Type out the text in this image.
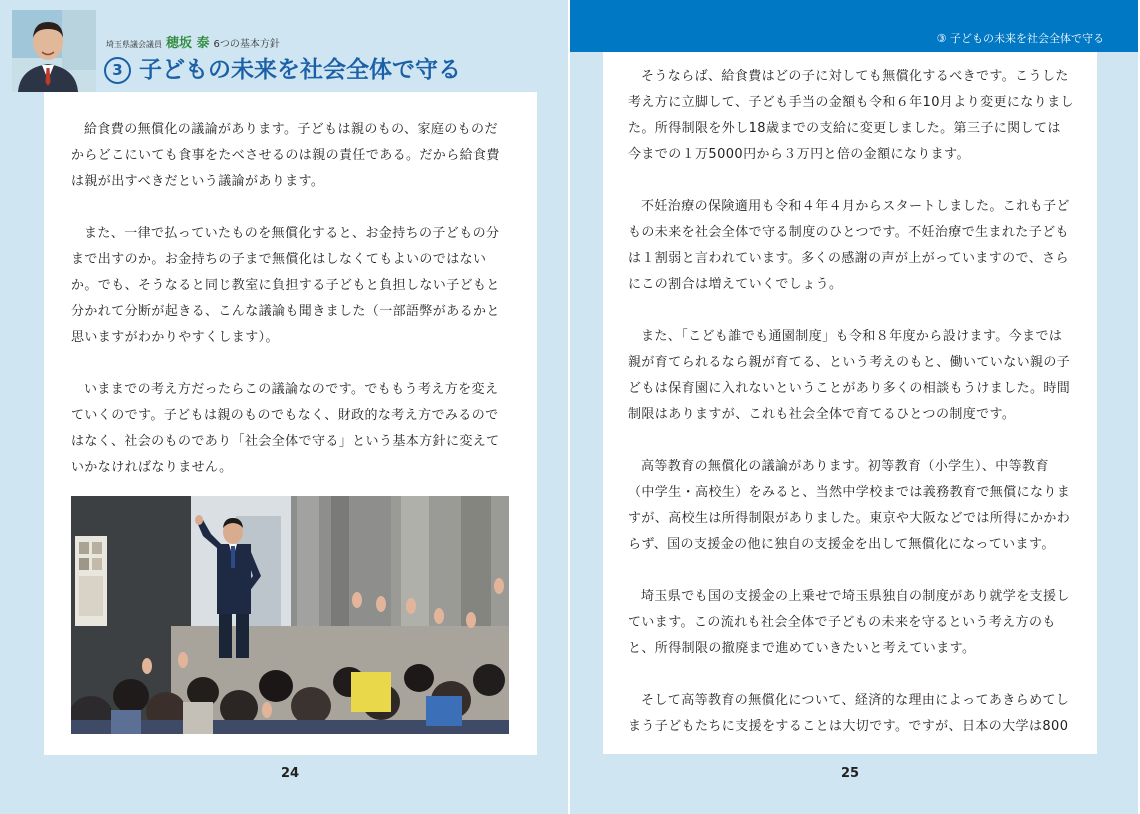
埼玉県議会議員 穂坂 泰 6つの基本方針
3 子どもの未来を社会全体で守る

給食費の無償化の議論があります。子どもは親のもの、家庭のものだからどこにいても食事をたべさせるのは親の責任である。だから給食費は親が出すべきだという議論があります。

また、一律で払っていたものを無償化すると、お金持ちの子どもの分まで出すのか。お金持ちの子まで無償化はしなくてもよいのではないか。でも、そうなると同じ教室に負担する子どもと負担しない子どもと分かれて分断が起きる、こんな議論も聞きました（一部語弊があるかと思いますがわかりやすくします）。

いままでの考え方だったらこの議論なのです。でももう考え方を変えていくのです。子どもは親のものでもなく、財政的な考え方でみるのではなく、社会のものであり「社会全体で守る」という基本方針に変えていかなければなりません。

24
③ 子どもの未来を社会全体で守る

そうならば、給食費はどの子に対しても無償化するべきです。こうした考え方に立脚して、子ども手当の金額も令和６年10月より変更になりました。所得制限を外し18歳までの支給に変更しました。第三子に関しては今までの１万5000円から３万円と倍の金額になります。

不妊治療の保険適用も令和４年４月からスタートしました。これも子どもの未来を社会全体で守る制度のひとつです。不妊治療で生まれた子どもは１割弱と言われています。多くの感謝の声が上がっていますので、さらにこの割合は増えていくでしょう。

また、「こども誰でも通園制度」も令和８年度から設けます。今までは親が育てられるなら親が育てる、という考えのもと、働いていない親の子どもは保育園に入れないということがあり多くの相談もうけました。時間制限はありますが、これも社会全体で育てるひとつの制度です。

高等教育の無償化の議論があります。初等教育（小学生）、中等教育（中学生・高校生）をみると、当然中学校までは義務教育で無償になりますが、高校生は所得制限がありました。東京や大阪などでは所得にかかわらず、国の支援金の他に独自の支援金を出して無償化になっています。

埼玉県でも国の支援金の上乗せで埼玉県独自の制度があり就学を支援しています。この流れも社会全体で子どもの未来を守るという考え方のもと、所得制限の撤廃まで進めていきたいと考えています。

そして高等教育の無償化について、経済的な理由によってあきらめてしまう子どもたちに支援をすることは大切です。ですが、日本の大学は800

25
